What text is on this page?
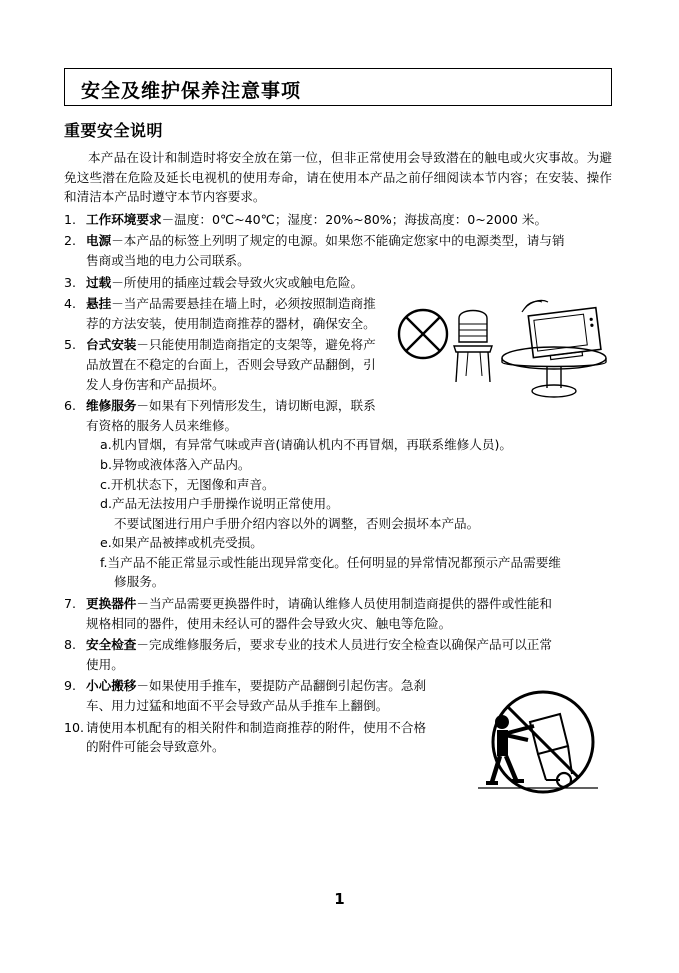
安全及维护保养注意事项
重要安全说明

本产品在设计和制造时将安全放在第一位，但非正常使用会导致潜在的触电或火灾事故。为避免这些潜在危险及延长电视机的使用寿命，请在使用本产品之前仔细阅读本节内容；在安装、操作和清洁本产品时遵守本节内容要求。

1. 工作环境要求－温度：0℃~40℃；湿度：20%~80%；海拔高度：0~2000 米。
2. 电源－本产品的标签上列明了规定的电源。如果您不能确定您家中的电源类型，请与销
售商或当地的电力公司联系。
3. 过载－所使用的插座过载会导致火灾或触电危险。
4. 悬挂－当产品需要悬挂在墙上时，必须按照制造商推
荐的方法安装，使用制造商推荐的器材，确保安全。
5. 台式安装－只能使用制造商指定的支架等，避免将产
品放置在不稳定的台面上，否则会导致产品翻倒，引
发人身伤害和产品损坏。
6. 维修服务－如果有下列情形发生，请切断电源，联系
有资格的服务人员来维修。
a.机内冒烟，有异常气味或声音(请确认机内不再冒烟，再联系维修人员)。
b.异物或液体落入产品内。
c.开机状态下，无图像和声音。
d.产品无法按用户手册操作说明正常使用。
不要试图进行用户手册介绍内容以外的调整，否则会损坏本产品。
e.如果产品被摔或机壳受损。
f.当产品不能正常显示或性能出现异常变化。任何明显的异常情况都预示产品需要维
修服务。
7. 更换器件－当产品需要更换器件时，请确认维修人员使用制造商提供的器件或性能和
规格相同的器件，使用未经认可的器件会导致火灾、触电等危险。
8. 安全检查－完成维修服务后，要求专业的技术人员进行安全检查以确保产品可以正常
使用。
9. 小心搬移－如果使用手推车，要提防产品翻倒引起伤害。急刹
车、用力过猛和地面不平会导致产品从手推车上翻倒。
10. 请使用本机配有的相关附件和制造商推荐的附件，使用不合格
的附件可能会导致意外。
1
